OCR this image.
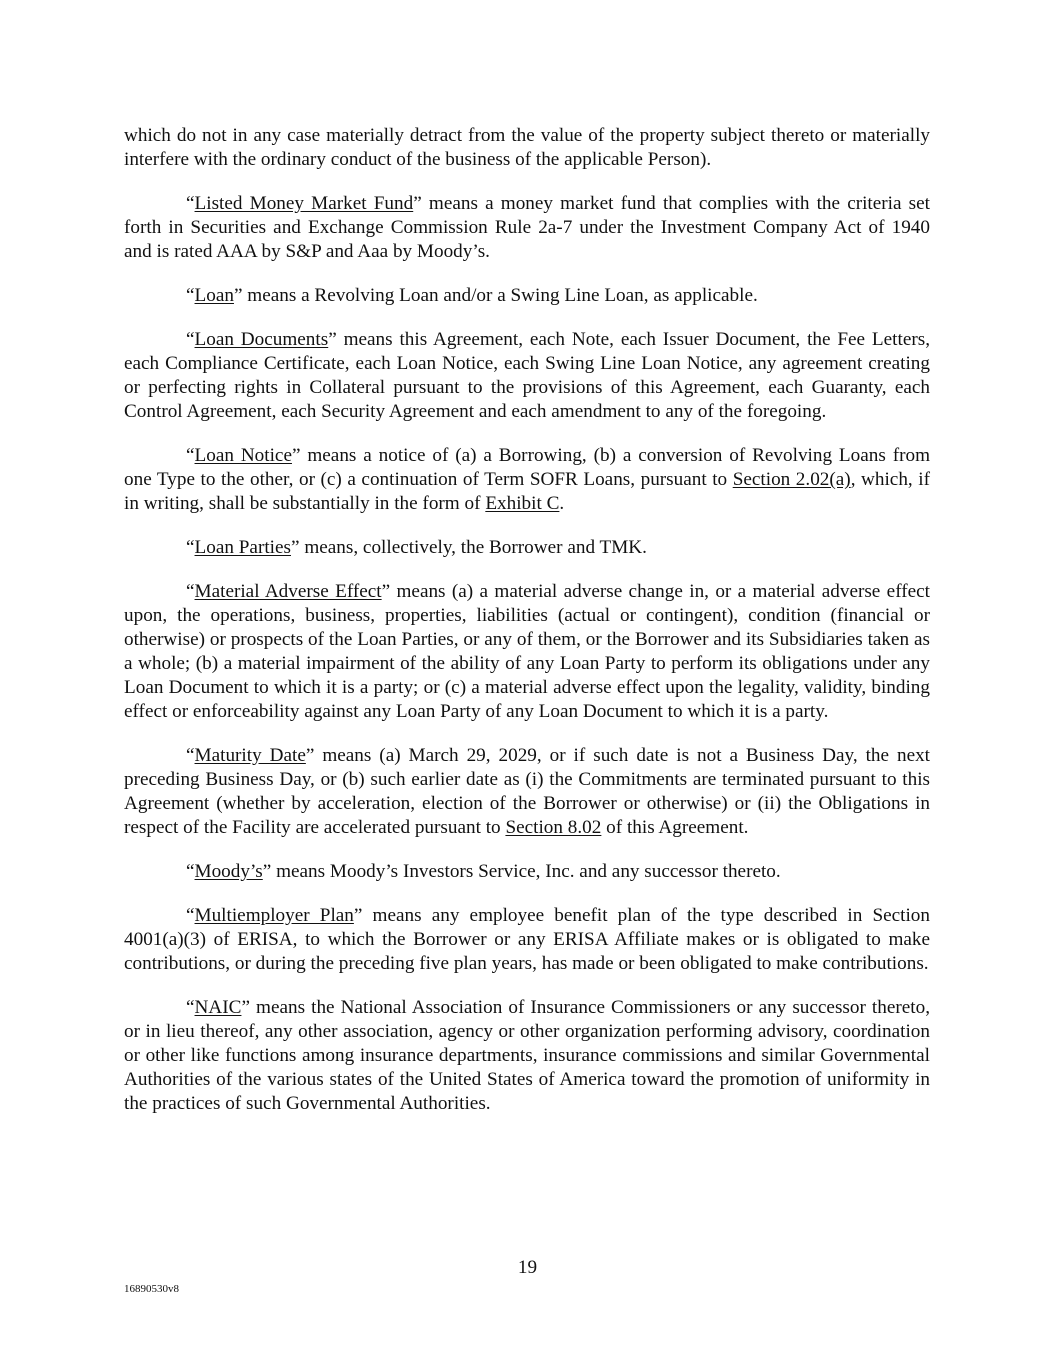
which do not in any case materially detract from the value of the property subject thereto or materially interfere with the ordinary conduct of the business of the applicable Person).

“Listed Money Market Fund” means a money market fund that complies with the criteria set forth in Securities and Exchange Commission Rule 2a-7 under the Investment Company Act of 1940 and is rated AAA by S&P and Aaa by Moody’s.

“Loan” means a Revolving Loan and/or a Swing Line Loan, as applicable.

“Loan Documents” means this Agreement, each Note, each Issuer Document, the Fee Letters, each Compliance Certificate, each Loan Notice, each Swing Line Loan Notice, any agreement creating or perfecting rights in Collateral pursuant to the provisions of this Agreement, each Guaranty, each Control Agreement, each Security Agreement and each amendment to any of the foregoing.

“Loan Notice” means a notice of (a) a Borrowing, (b) a conversion of Revolving Loans from one Type to the other, or (c) a continuation of Term SOFR Loans, pursuant to Section 2.02(a), which, if in writing, shall be substantially in the form of Exhibit C.

“Loan Parties” means, collectively, the Borrower and TMK.

“Material Adverse Effect” means (a) a material adverse change in, or a material adverse effect upon, the operations, business, properties, liabilities (actual or contingent), condition (financial or otherwise) or prospects of the Loan Parties, or any of them, or the Borrower and its Subsidiaries taken as a whole; (b) a material impairment of the ability of any Loan Party to perform its obligations under any Loan Document to which it is a party; or (c) a material adverse effect upon the legality, validity, binding effect or enforceability against any Loan Party of any Loan Document to which it is a party.

“Maturity Date” means (a) March 29, 2029, or if such date is not a Business Day, the next preceding Business Day, or (b) such earlier date as (i) the Commitments are terminated pursuant to this Agreement (whether by acceleration, election of the Borrower or otherwise) or (ii) the Obligations in respect of the Facility are accelerated pursuant to Section 8.02 of this Agreement.

“Moody’s” means Moody’s Investors Service, Inc. and any successor thereto.

“Multiemployer Plan” means any employee benefit plan of the type described in Section 4001(a)(3) of ERISA, to which the Borrower or any ERISA Affiliate makes or is obligated to make contributions, or during the preceding five plan years, has made or been obligated to make contributions.

“NAIC” means the National Association of Insurance Commissioners or any successor thereto, or in lieu thereof, any other association, agency or other organization performing advisory, coordination or other like functions among insurance departments, insurance commissions and similar Governmental Authorities of the various states of the United States of America toward the promotion of uniformity in the practices of such Governmental Authorities.

19
16890530v8
